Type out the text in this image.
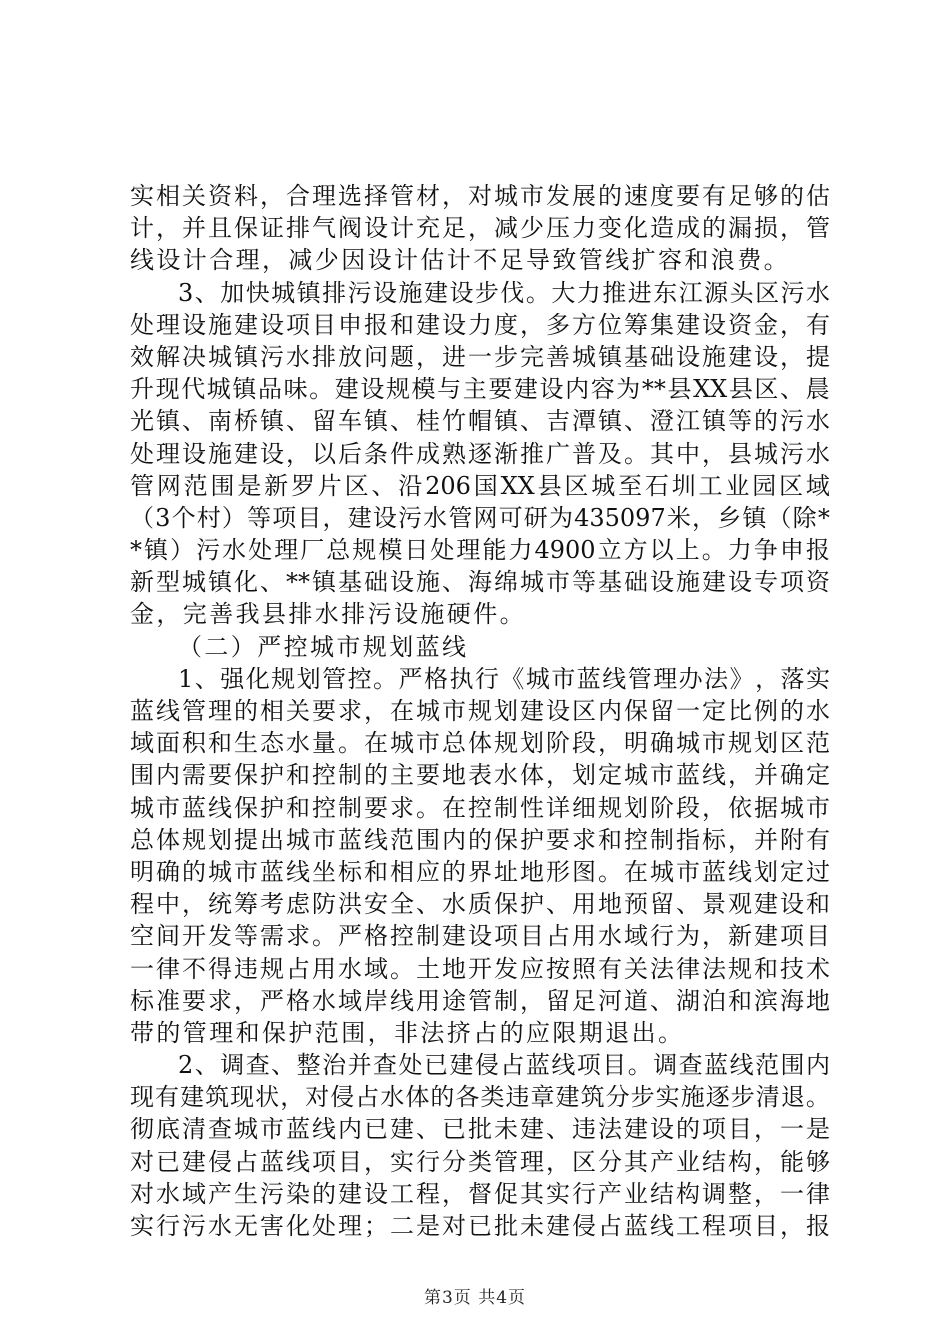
实 相 关 资 料 ， 合 理 选 择 管 材 ， 对 城 市 发 展 的 速 度 要 有 足 够 的 估
计 ， 并 且 保 证 排 气 阀 设 计 充 足 ， 减 少 压 力 变 化 造 成 的 漏 损 ， 管
线设计合理，减少因设计估计不足导致管线扩容和浪费。
3 、 加 快 城 镇 排 污 设 施 建 设 步 伐 。 大 力 推 进 东 江 源 头 区 污 水
处 理 设 施 建 设 项 目 申 报 和 建 设 力 度 ， 多 方 位 筹 集 建 设 资 金 ， 有
效 解 决 城 镇 污 水 排 放 问 题 ， 进 一 步 完 善 城 镇 基 础 设 施 建 设 ， 提
升 现 代 城 镇 品 味 。 建 设 规 模 与 主 要 建 设 内 容 为 ** 县 XX 县 区 、 晨
光 镇 、 南 桥 镇 、 留 车 镇 、 桂 竹 帽 镇 、 吉 潭 镇 、 澄 江 镇 等 的 污 水
处 理 设 施 建 设 ， 以 后 条 件 成 熟 逐 渐 推 广 普 及 。 其 中 ， 县 城 污 水
管 网 范 围 是 新 罗 片 区 、 沿 206 国 XX 县 区 城 至 石 圳 工 业 园 区 域
（ 3 个 村 ） 等 项 目 ， 建 设 污 水 管 网 可 研 为 435097 米 ， 乡 镇 （ 除 *
* 镇 ） 污 水 处 理 厂 总 规 模 日 处 理 能 力 4900 立 方 以 上 。 力 争 申 报
新 型 城 镇 化 、 ** 镇 基 础 设 施 、 海 绵 城 市 等 基 础 设 施 建 设 专 项 资
金，完善我县排水排污设施硬件。
（二）严控城市规划蓝线
1 、 强 化 规 划 管 控 。 严 格 执 行 《 城 市 蓝 线 管 理 办 法 》 ， 落 实
蓝 线 管 理 的 相 关 要 求 ， 在 城 市 规 划 建 设 区 内 保 留 一 定 比 例 的 水
域 面 积 和 生 态 水 量 。 在 城 市 总 体 规 划 阶 段 ， 明 确 城 市 规 划 区 范
围 内 需 要 保 护 和 控 制 的 主 要 地 表 水 体 ， 划 定 城 市 蓝 线 ， 并 确 定
城 市 蓝 线 保 护 和 控 制 要 求 。 在 控 制 性 详 细 规 划 阶 段 ， 依 据 城 市
总 体 规 划 提 出 城 市 蓝 线 范 围 内 的 保 护 要 求 和 控 制 指 标 ， 并 附 有
明 确 的 城 市 蓝 线 坐 标 和 相 应 的 界 址 地 形 图 。 在 城 市 蓝 线 划 定 过
程 中 ， 统 筹 考 虑 防 洪 安 全 、 水 质 保 护 、 用 地 预 留 、 景 观 建 设 和
空 间 开 发 等 需 求 。 严 格 控 制 建 设 项 目 占 用 水 域 行 为 ， 新 建 项 目
一 律 不 得 违 规 占 用 水 域 。 土 地 开 发 应 按 照 有 关 法 律 法 规 和 技 术
标 准 要 求 ， 严 格 水 域 岸 线 用 途 管 制 ， 留 足 河 道 、 湖 泊 和 滨 海 地
带的管理和保护范围，非法挤占的应限期退出。
2 、 调 查 、 整 治 并 查 处 已 建 侵 占 蓝 线 项 目 。 调 查 蓝 线 范 围 内
现 有 建 筑 现 状 ， 对 侵 占 水 体 的 各 类 违 章 建 筑 分 步 实 施 逐 步 清 退 。
彻 底 清 查 城 市 蓝 线 内 已 建 、 已 批 未 建 、 违 法 建 设 的 项 目 ， 一 是
对 已 建 侵 占 蓝 线 项 目 ， 实 行 分 类 管 理 ， 区 分 其 产 业 结 构 ， 能 够
对 水 域 产 生 污 染 的 建 设 工 程 ， 督 促 其 实 行 产 业 结 构 调 整 ， 一 律
实 行 污 水 无 害 化 处 理 ； 二 是 对 已 批 未 建 侵 占 蓝 线 工 程 项 目 ， 报
第3页 共4页
